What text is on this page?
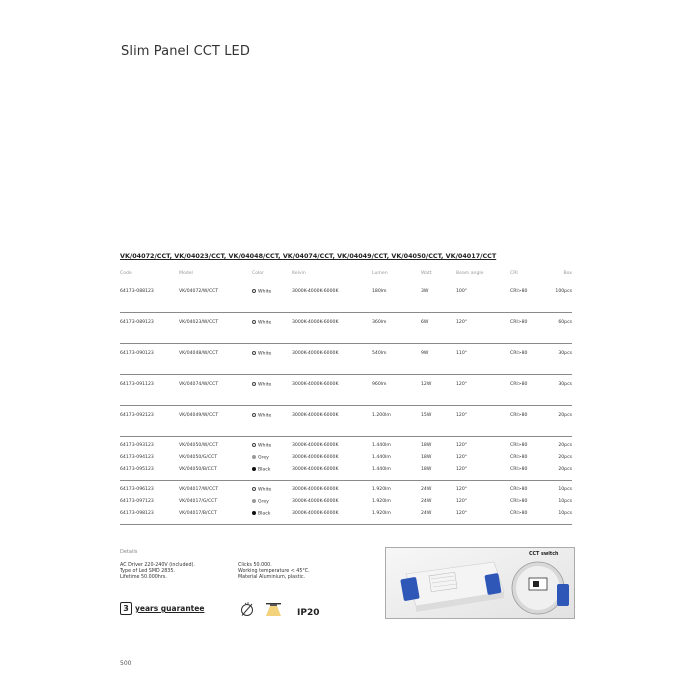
Slim Panel CCT LED
VK/04072/CCT, VK/04023/CCT, VK/04048/CCT, VK/04074/CCT, VK/04049/CCT, VK/04050/CCT, VK/04017/CCT
Code	Model	Color	Kelvin	Lumen	Watt	Beam angle	CRI	Box
64173-088123	VK/04072/W/CCT	White	3000K-4000K-6000K	180lm	3W	100°	CRI>80	100pcs
64173-089123	VK/04023/W/CCT	White	3000K-4000K-6000K	360lm	6W	120°	CRI>80	60pcs
64173-090123	VK/04048/W/CCT	White	3000K-4000K-6000K	540lm	9W	110°	CRI>80	30pcs
64173-091123	VK/04074/W/CCT	White	3000K-4000K-6000K	960lm	12W	120°	CRI>80	30pcs
64173-092123	VK/04049/W/CCT	White	3000K-4000K-6000K	1.200lm	15W	120°	CRI>80	20pcs
64173-093123	VK/04050/W/CCT	White	3000K-4000K-6000K	1.440lm	18W	120°	CRI>80	20pcs
64173-094123	VK/04050/G/CCT	Grey	3000K-4000K-6000K	1.440lm	18W	120°	CRI>80	20pcs
64173-095123	VK/04050/B/CCT	Black	3000K-4000K-6000K	1.440lm	18W	120°	CRI>80	20pcs
64173-096123	VK/04017/W/CCT	White	3000K-4000K-6000K	1.920lm	24W	120°	CRI>80	10pcs
64173-097123	VK/04017/G/CCT	Grey	3000K-4000K-6000K	1.920lm	24W	120°	CRI>80	10pcs
64173-098123	VK/04017/B/CCT	Black	3000K-4000K-6000K	1.920lm	24W	120°	CRI>80	10pcs
Details
AC Driver 220-240V (included).
Type of Led SMD 2835.
Lifetime 50.000hrs.
Clicks 50.000.
Working temperature < 45°C.
Material Aluminium, plastic.
3 years guarantee	IP20
CCT switch
500
